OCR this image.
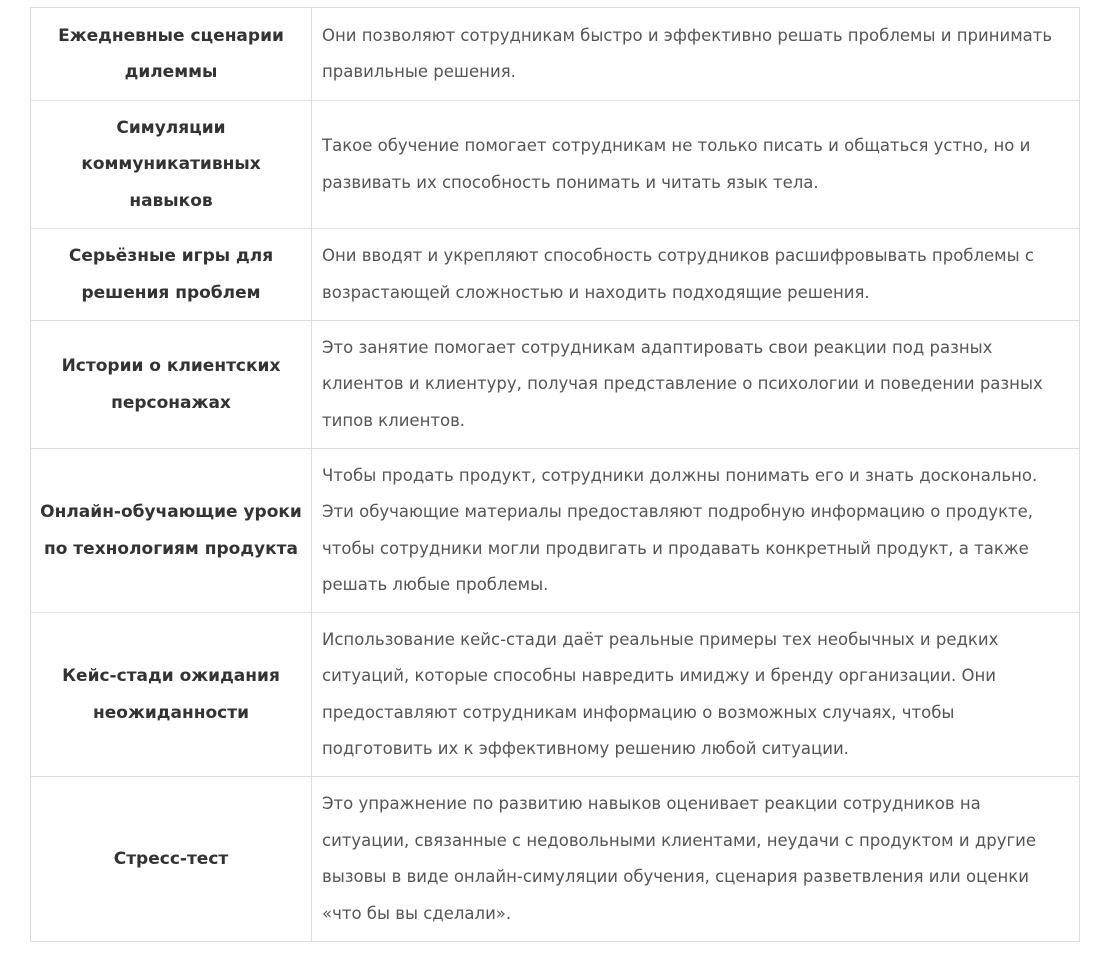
Ежедневные сценарии дилеммы	Они позволяют сотрудникам быстро и эффективно решать проблемы и принимать правильные решения.
Симуляции коммуникативных навыков	Такое обучение помогает сотрудникам не только писать и общаться устно, но и развивать их способность понимать и читать язык тела.
Серьёзные игры для решения проблем	Они вводят и укрепляют способность сотрудников расшифровывать проблемы с возрастающей сложностью и находить подходящие решения.
Истории о клиентских персонажах	Это занятие помогает сотрудникам адаптировать свои реакции под разных клиентов и клиентуру, получая представление о психологии и поведении разных типов клиентов.
Онлайн-обучающие уроки по технологиям продукта	Чтобы продать продукт, сотрудники должны понимать его и знать досконально. Эти обучающие материалы предоставляют подробную информацию о продукте, чтобы сотрудники могли продвигать и продавать конкретный продукт, а также решать любые проблемы.
Кейс-стади ожидания неожиданности	Использование кейс-стади даёт реальные примеры тех необычных и редких ситуаций, которые способны навредить имиджу и бренду организации. Они предоставляют сотрудникам информацию о возможных случаях, чтобы подготовить их к эффективному решению любой ситуации.
Стресс-тест	Это упражнение по развитию навыков оценивает реакции сотрудников на ситуации, связанные с недовольными клиентами, неудачи с продуктом и другие вызовы в виде онлайн-симуляции обучения, сценария разветвления или оценки «что бы вы сделали».
